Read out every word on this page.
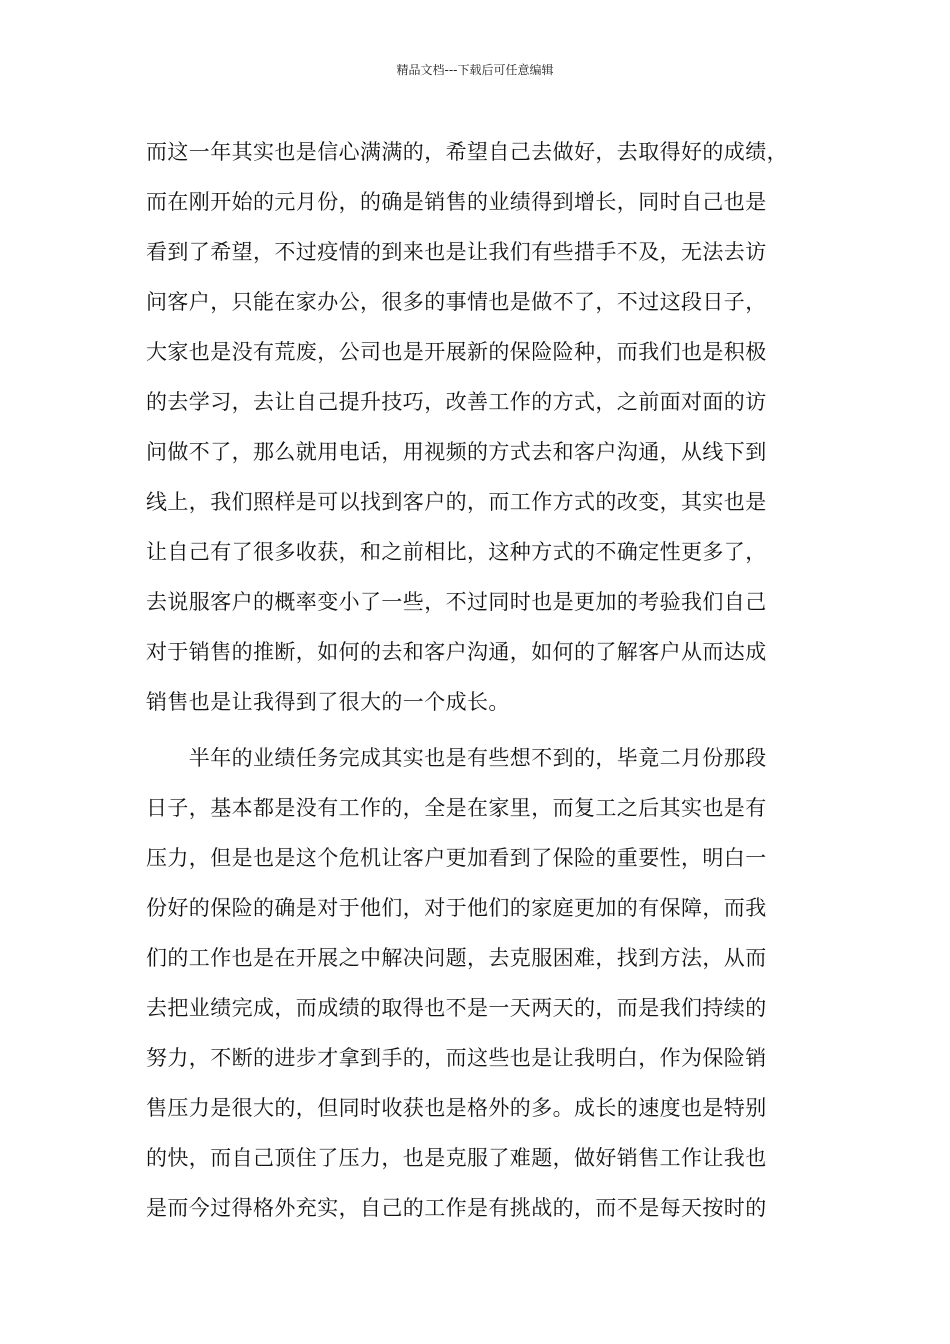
精品文档---下载后可任意编辑
而这一年其实也是信心满满的，希望自己去做好，去取得好的成绩，
而在刚开始的元月份，的确是销售的业绩得到增长，同时自己也是
看到了希望，不过疫情的到来也是让我们有些措手不及，无法去访
问客户，只能在家办公，很多的事情也是做不了，不过这段日子，
大家也是没有荒废，公司也是开展新的保险险种，而我们也是积极
的去学习，去让自己提升技巧，改善工作的方式，之前面对面的访
问做不了，那么就用电话，用视频的方式去和客户沟通，从线下到
线上，我们照样是可以找到客户的，而工作方式的改变，其实也是
让自己有了很多收获，和之前相比，这种方式的不确定性更多了，
去说服客户的概率变小了一些，不过同时也是更加的考验我们自己
对于销售的推断，如何的去和客户沟通，如何的了解客户从而达成
销售也是让我得到了很大的一个成长。
　　半年的业绩任务完成其实也是有些想不到的，毕竟二月份那段
日子，基本都是没有工作的，全是在家里，而复工之后其实也是有
压力，但是也是这个危机让客户更加看到了保险的重要性，明白一
份好的保险的确是对于他们，对于他们的家庭更加的有保障，而我
们的工作也是在开展之中解决问题，去克服困难，找到方法，从而
去把业绩完成，而成绩的取得也不是一天两天的，而是我们持续的
努力，不断的进步才拿到手的，而这些也是让我明白，作为保险销
售压力是很大的，但同时收获也是格外的多。成长的速度也是特别
的快，而自己顶住了压力，也是克服了难题，做好销售工作让我也
是而今过得格外充实，自己的工作是有挑战的，而不是每天按时的
